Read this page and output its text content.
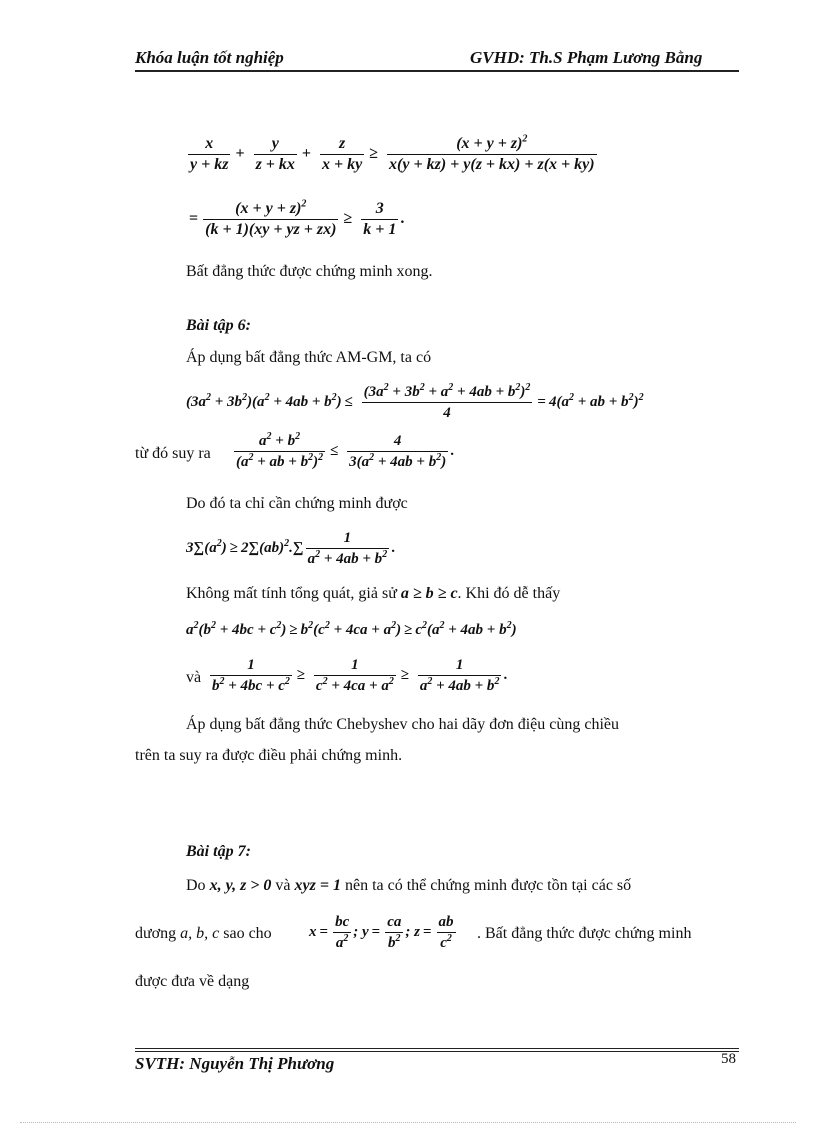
Khóa luận tốt nghiệp	GVHD: Th.S Phạm Lương Bằng
$\frac{x}{y + kz} + \frac{y}{z + kx} + \frac{z}{x + ky} \ge \frac{(x + y + z)^2}{x(y + kz) + y(z + kx) + z(x + ky)}$
= $\frac{(x + y + z)^2}{(k + 1)(xy + yz + zx)} \ge \frac{3}{k + 1}$ .
Bất đẳng thức được chứng minh xong.
Bài tập 6:
Áp dụng bất đẳng thức AM-GM, ta có
$(3a^2 + 3b^2)(a^2 + 4ab + b^2) \le \frac{(3a^2 + 3b^2 + a^2 + 4ab + b^2)^2}{4} = 4(a^2$ + ab + $b^2)^2$
từ đó suy ra $\frac{a^2 + b^2}{(a^2 + ab + b^2)^2} \le \frac{4}{3(a^2 + 4ab + b^2)}$ .
Do đó ta chỉ cần chứng minh được
$3\sum(a^2) \ge 2\sum(ab)^2.\sum \frac{1}{a^2 + 4ab + b^2}$ .
Không mất tính tổng quát, giả sử a ≥ b ≥ c. Khi đó dễ thấy
$a^2(b^2 + 4bc + c^2) \ge b^2(c^2 + 4ca + a^2) \ge c^2(a^2 + 4ab + b^2)$
và $\frac{1}{b^2 + 4bc + c^2} \ge \frac{1}{c^2 + 4ca + a^2} \ge \frac{1}{a^2 + 4ab + b^2}$ .
Áp dụng bất đẳng thức Chebyshev cho hai dãy đơn điệu cùng chiều
trên ta suy ra được điều phải chứng minh.
Bài tập 7:
Do x, y, z > 0 và xyz = 1 nên ta có thể chứng minh được tồn tại các số
dương a, b, c sao cho $x = \frac{bc}{a^2}$ ; $y = \frac{ca}{b^2}$ ; $z = \frac{ab}{c^2}$ . Bất đẳng thức được chứng minh
được đưa về dạng
SVTH: Nguyễn Thị Phương	58
